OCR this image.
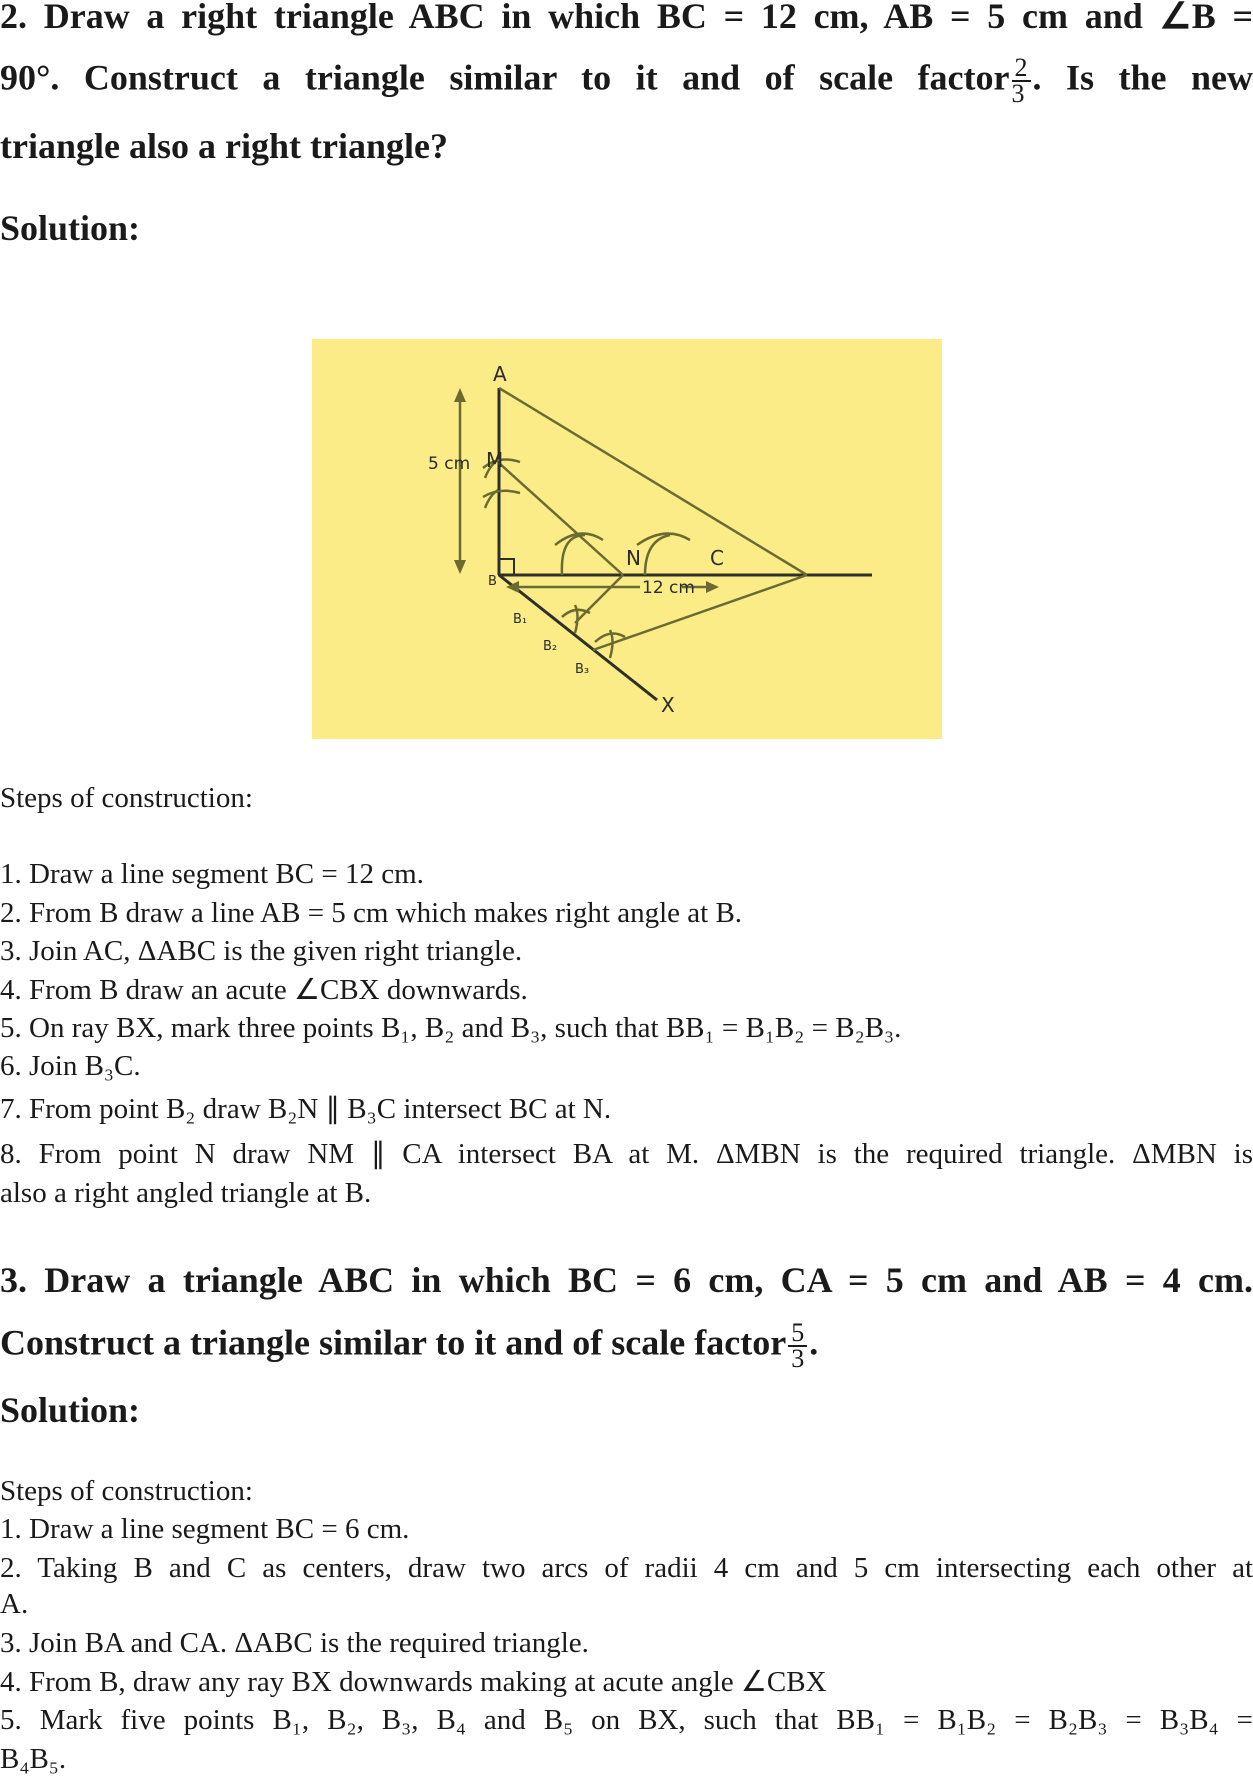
2. Draw a right triangle ABC in which BC = 12 cm, AB = 5 cm and ∠B =
90°. Construct a triangle similar to it and of scale factor $\frac{2}{3}$ . Is the new
triangle also a right triangle?
Solution:
A
M
5 cm
B
N	C
12 cm
B₁
B₂
B₃
X
Steps of construction:
1. Draw a line segment BC = 12 cm.
2. From B draw a line AB = 5 cm which makes right angle at B.
3. Join AC, ΔABC is the given right triangle.
4. From B draw an acute ∠CBX downwards.
5. On ray BX, mark three points B₁, B₂ and B₃, such that BB₁ = B₁B₂ = B₂B₃.
6. Join B₃C.
7. From point B₂ draw B₂N ∥ B₃C intersect BC at N.
8. From point N draw NM ∥ CA intersect BA at M. ΔMBN is the required triangle. ΔMBN is
also a right angled triangle at B.
3. Draw a triangle ABC in which BC = 6 cm, CA = 5 cm and AB = 4 cm.
Construct a triangle similar to it and of scale factor $\frac{5}{3}$ .
Solution:
Steps of construction:
1. Draw a line segment BC = 6 cm.
2. Taking B and C as centers, draw two arcs of radii 4 cm and 5 cm intersecting each other at
A.
3. Join BA and CA. ΔABC is the required triangle.
4. From B, draw any ray BX downwards making at acute angle ∠CBX
5. Mark five points B₁, B₂, B₃, B₄ and B₅ on BX, such that BB₁ = B₁B₂ = B₂B₃ = B₃B₄ =
B₄B₅.
